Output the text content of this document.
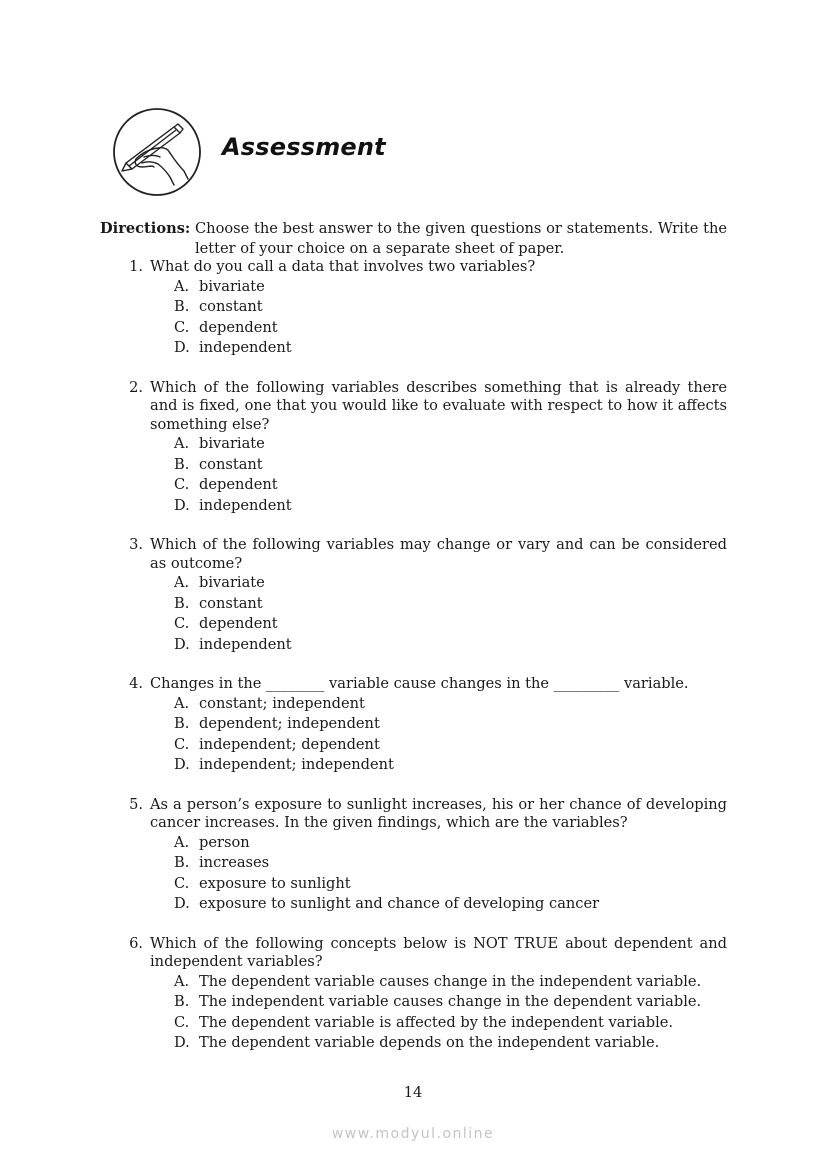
Assessment
Directions: Choose the best answer to the given questions or statements. Write the letter of your choice on a separate sheet of paper.
1. What do you call a data that involves two variables?
A. bivariate
B. constant
C. dependent
D. independent
2. Which of the following variables describes something that is already there and is fixed, one that you would like to evaluate with respect to how it affects something else?
A. bivariate
B. constant
C. dependent
D. independent
3. Which of the following variables may change or vary and can be considered as outcome?
A. bivariate
B. constant
C. dependent
D. independent
4. Changes in the ________ variable cause changes in the _________ variable.
A. constant; independent
B. dependent; independent
C. independent; dependent
D. independent; independent
5. As a person’s exposure to sunlight increases, his or her chance of developing cancer increases. In the given findings, which are the variables?
A. person
B. increases
C. exposure to sunlight
D. exposure to sunlight and chance of developing cancer
6. Which of the following concepts below is NOT TRUE about dependent and independent variables?
A. The dependent variable causes change in the independent variable.
B. The independent variable causes change in the dependent variable.
C. The dependent variable is affected by the independent variable.
D. The dependent variable depends on the independent variable.
14
www.modyul.online
